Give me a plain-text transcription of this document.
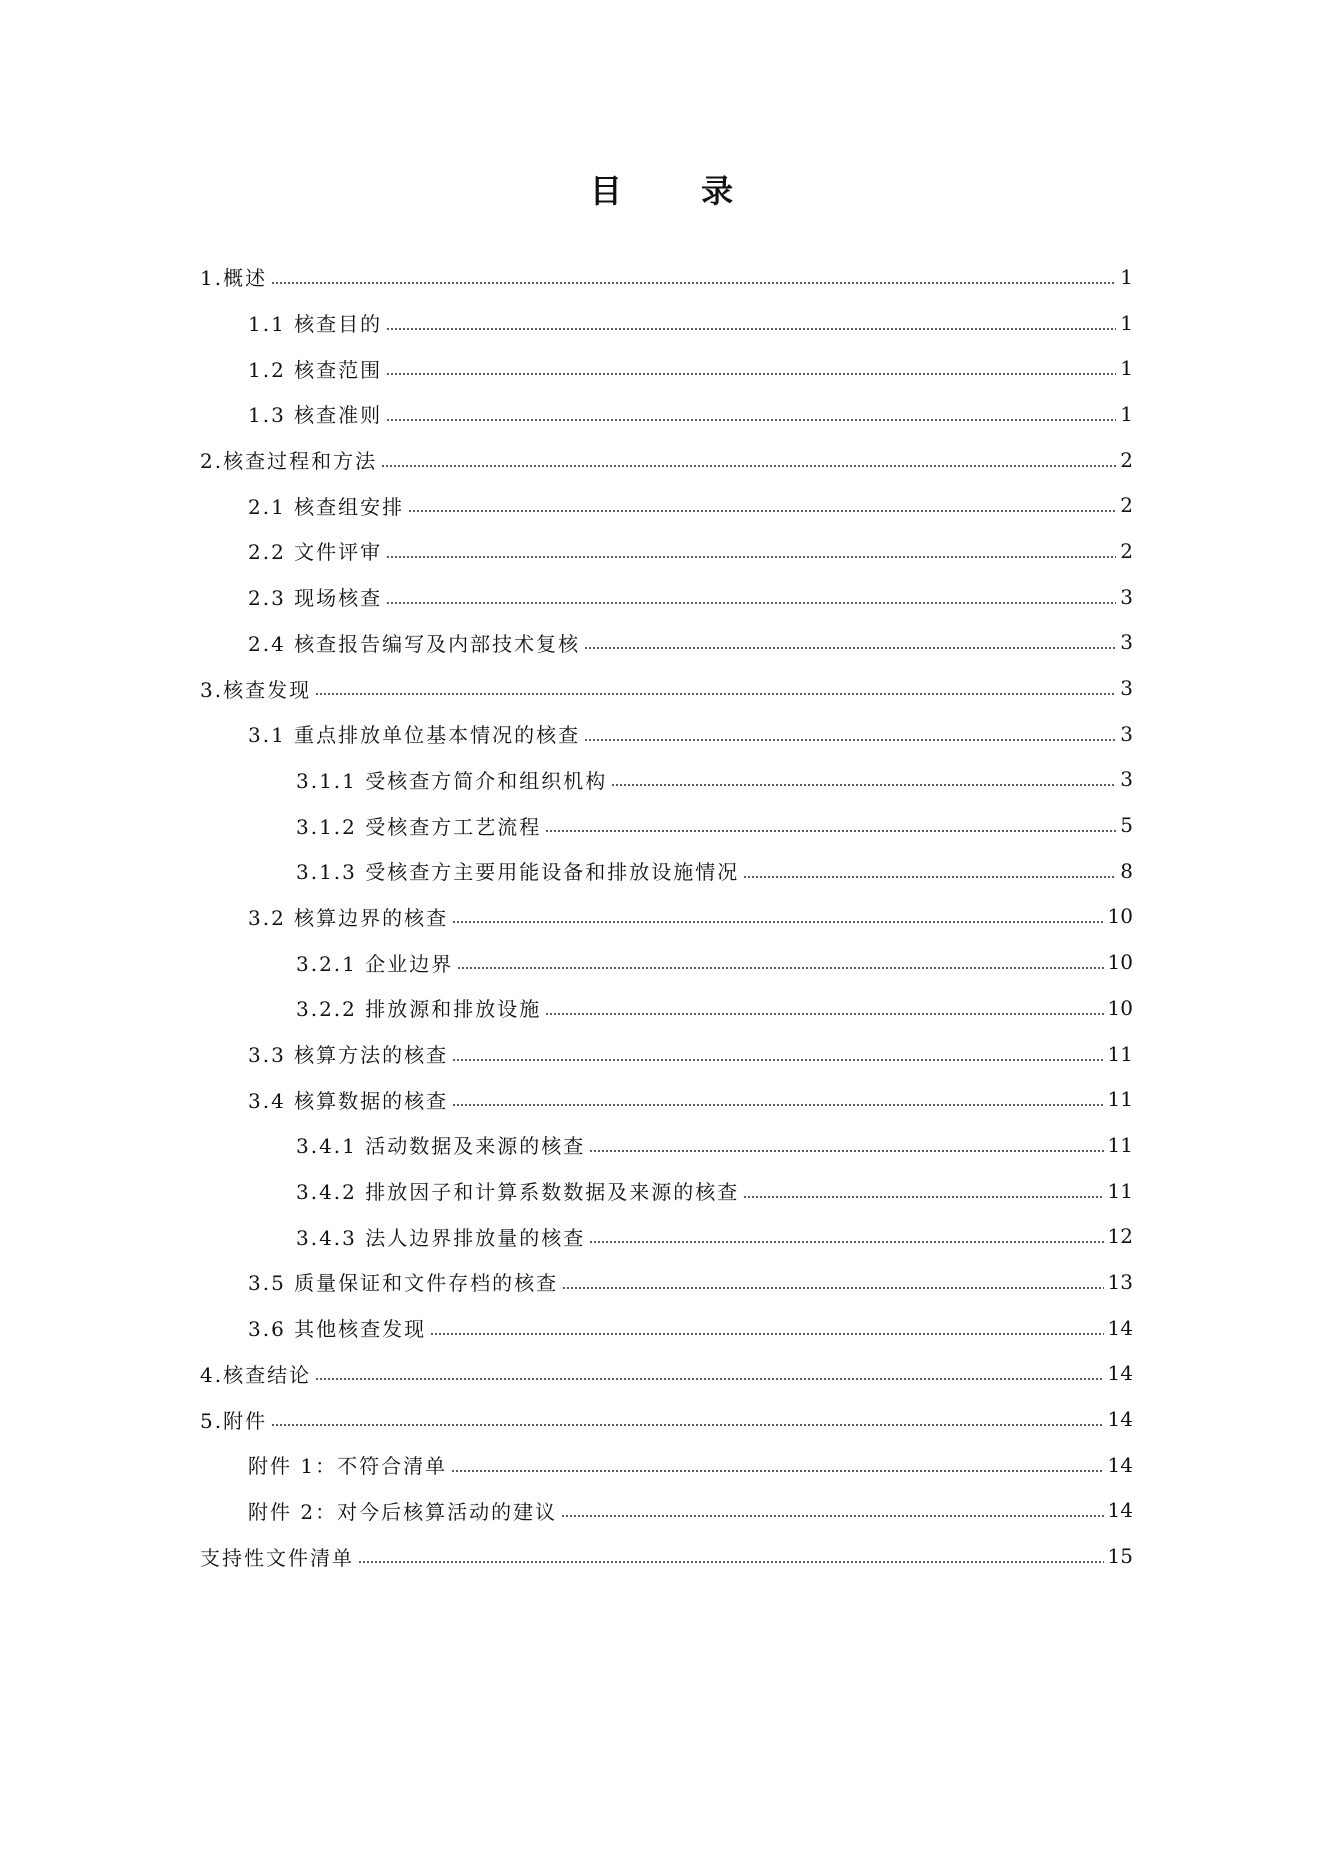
目 录
1.概述	1
1.1 核查目的	1
1.2 核查范围	1
1.3 核查准则	1
2.核查过程和方法	2
2.1 核查组安排	2
2.2 文件评审	2
2.3 现场核查	3
2.4 核查报告编写及内部技术复核	3
3.核查发现	3
3.1 重点排放单位基本情况的核查	3
3.1.1 受核查方简介和组织机构	3
3.1.2 受核查方工艺流程	5
3.1.3 受核查方主要用能设备和排放设施情况	8
3.2 核算边界的核查	10
3.2.1 企业边界	10
3.2.2 排放源和排放设施	10
3.3 核算方法的核查	11
3.4 核算数据的核查	11
3.4.1 活动数据及来源的核查	11
3.4.2 排放因子和计算系数数据及来源的核查	11
3.4.3 法人边界排放量的核查	12
3.5 质量保证和文件存档的核查	13
3.6 其他核查发现	14
4.核查结论	14
5.附件	14
附件 1：不符合清单	14
附件 2：对今后核算活动的建议	14
支持性文件清单	15
